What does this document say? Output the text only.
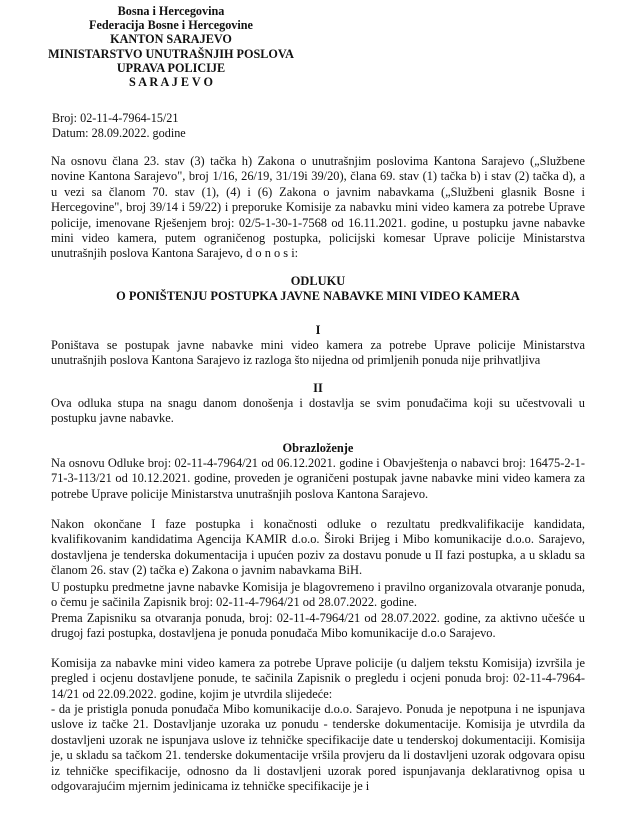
Bosna i Hercegovina
Federacija Bosne i Hercegovine
KANTON SARAJEVO
MINISTARSTVO UNUTRAŠNJIH POSLOVA
UPRAVA POLICIJE
S A R A J E V O
Broj: 02-11-4-7964-15/21
Datum: 28.09.2022. godine

Na osnovu člana 23. stav (3) tačka h) Zakona o unutrašnjim poslovima Kantona Sarajevo („Službene novine Kantona Sarajevo", broj 1/16, 26/19, 31/19i 39/20), člana 69. stav (1) tačka b) i stav (2) tačka d), a u vezi sa članom 70. stav (1), (4) i (6) Zakona o javnim nabavkama („Službeni glasnik Bosne i Hercegovine", broj 39/14 i 59/22) i preporuke Komisije za nabavku mini video kamera za potrebe Uprave policije, imenovane Rješenjem broj: 02/5-1-30-1-7568 od 16.11.2021. godine, u postupku javne nabavke mini video kamera, putem ograničenog postupka, policijski komesar Uprave policije Ministarstva unutrašnjih poslova Kantona Sarajevo, d o n o s i:

ODLUKU
O PONIŠTENJU POSTUPKA JAVNE NABAVKE MINI VIDEO KAMERA
I

Poništava se postupak javne nabavke mini video kamera za potrebe Uprave policije Ministarstva unutrašnjih poslova Kantona Sarajevo iz razloga što nijedna od primljenih ponuda nije prihvatljiva

II

Ova odluka stupa na snagu danom donošenja i dostavlja se svim ponuđačima koji su učestvovali u postupku javne nabavke.

Obrazloženje

Na osnovu Odluke broj: 02-11-4-7964/21 od 06.12.2021. godine i Obavještenja o nabavci broj: 16475-2-1-71-3-113/21 od 10.12.2021. godine, proveden je ograničeni postupak javne nabavke mini video kamera za potrebe Uprave policije Ministarstva unutrašnjih poslova Kantona Sarajevo.

Nakon okončane I faze postupka i konačnosti odluke o rezultatu predkvalifikacije kandidata, kvalifikovanim kandidatima Agencija KAMIR d.o.o. Široki Brijeg i Mibo komunikacije d.o.o. Sarajevo, dostavljena je tenderska dokumentacija i upućen poziv za dostavu ponude u II fazi postupka, a u skladu sa članom 26. stav (2) tačka e) Zakona o javnim nabavkama BiH.

U postupku predmetne javne nabavke Komisija je blagovremeno i pravilno organizovala otvaranje ponuda, o čemu je sačinila Zapisnik broj: 02-11-4-7964/21 od 28.07.2022. godine.

Prema Zapisniku sa otvaranja ponuda, broj: 02-11-4-7964/21 od 28.07.2022. godine, za aktivno učešće u drugoj fazi postupka, dostavljena je ponuda ponuđača Mibo komunikacije d.o.o Sarajevo.

Komisija za nabavke mini video kamera za potrebe Uprave policije (u daljem tekstu Komisija) izvršila je pregled i ocjenu dostavljene ponude, te sačinila Zapisnik o pregledu i ocjeni ponuda broj: 02-11-4-7964-14/21 od 22.09.2022. godine, kojim je utvrdila slijedeće:

- da je pristigla ponuda ponuđača Mibo komunikacije d.o.o. Sarajevo. Ponuda je nepotpuna i ne ispunjava uslove iz tačke 21. Dostavljanje uzoraka uz ponudu - tenderske dokumentacije. Komisija je utvrdila da dostavljeni uzorak ne ispunjava uslove iz tehničke specifikacije date u tenderskoj dokumentaciji. Komisija je, u skladu sa tačkom 21. tenderske dokumentacije vršila provjeru da li dostavljeni uzorak odgovara opisu iz tehničke specifikacije, odnosno da li dostavljeni uzorak pored ispunjavanja deklarativnog opisa u odgovarajućim mjernim jedinicama iz tehničke specifikacije je i
